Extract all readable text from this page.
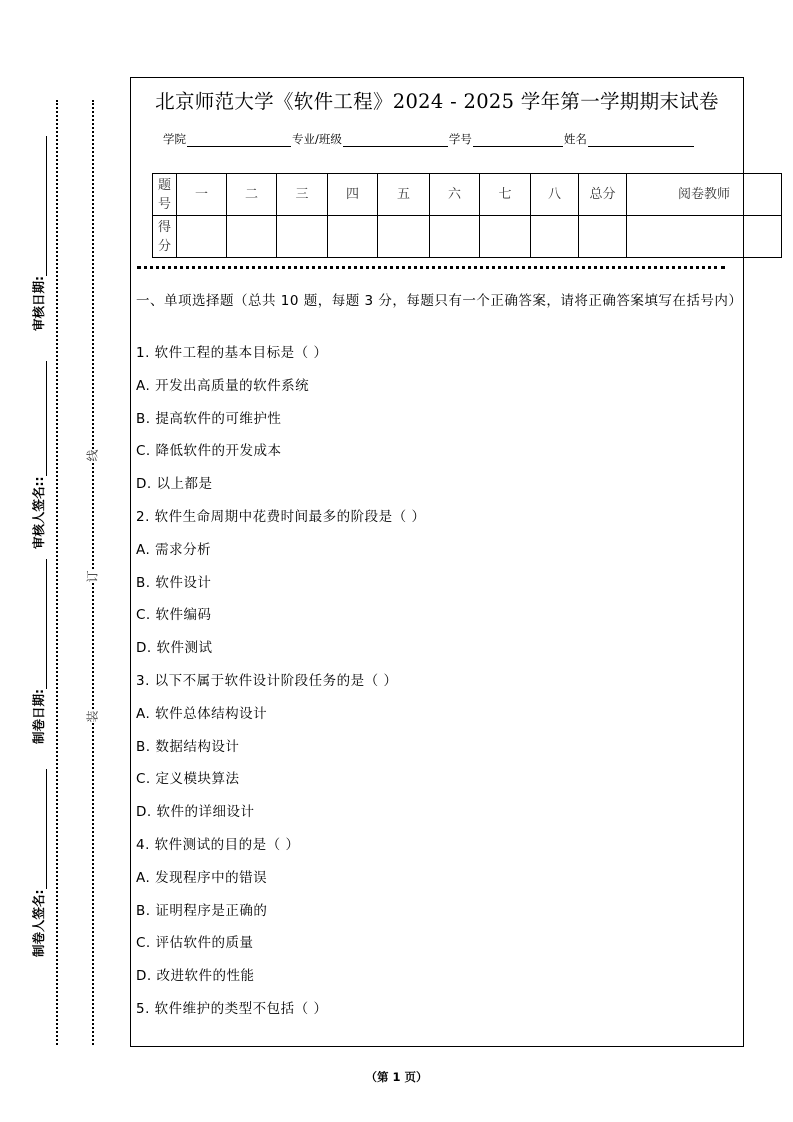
北京师范大学《软件工程》2024 - 2025 学年第一学期期末试卷
学院	专业/班级	学号	姓名
题号	一	二	三	四	五	六	七	八	总分	阅卷教师
得分										
一、单项选择题（总共 10 题，每题 3 分，每题只有一个正确答案，请将正确答案填写在括号内）
1. 软件工程的基本目标是（ ）
A. 开发出高质量的软件系统
B. 提高软件的可维护性
C. 降低软件的开发成本
D. 以上都是
2. 软件生命周期中花费时间最多的阶段是（ ）
A. 需求分析
B. 软件设计
C. 软件编码
D. 软件测试
3. 以下不属于软件设计阶段任务的是（ ）
A. 软件总体结构设计
B. 数据结构设计
C. 定义模块算法
D. 软件的详细设计
4. 软件测试的目的是（ ）
A. 发现程序中的错误
B. 证明程序是正确的
C. 评估软件的质量
D. 改进软件的性能
5. 软件维护的类型不包括（ ）
线
订
装
审核日期:
审核人签名::
制卷日期:
制卷人签名:
（第 1 页）
